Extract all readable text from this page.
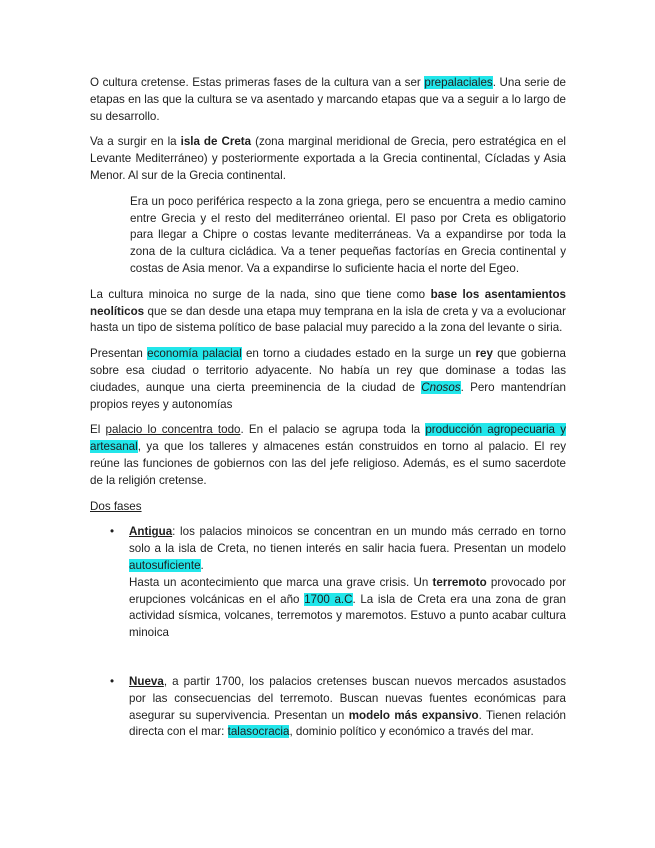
O cultura cretense. Estas primeras fases de la cultura van a ser prepalaciales. Una serie de etapas en las que la cultura se va asentado y marcando etapas que va a seguir a lo largo de su desarrollo.

Va a surgir en la isla de Creta (zona marginal meridional de Grecia, pero estratégica en el Levante Mediterráneo) y posteriormente exportada a la Grecia continental, Cícladas y Asia Menor. Al sur de la Grecia continental.

Era un poco periférica respecto a la zona griega, pero se encuentra a medio camino entre Grecia y el resto del mediterráneo oriental. El paso por Creta es obligatorio para llegar a Chipre o costas levante mediterráneas. Va a expandirse por toda la zona de la cultura cicládica. Va a tener pequeñas factorías en Grecia continental y costas de Asia menor. Va a expandirse lo suficiente hacia el norte del Egeo.

La cultura minoica no surge de la nada, sino que tiene como base los asentamientos neolíticos que se dan desde una etapa muy temprana en la isla de creta y va a evolucionar hasta un tipo de sistema político de base palacial muy parecido a la zona del levante o siria.

Presentan economía palacial en torno a ciudades estado en la surge un rey que gobierna sobre esa ciudad o territorio adyacente. No había un rey que dominase a todas las ciudades, aunque una cierta preeminencia de la ciudad de Cnosos. Pero mantendrían propios reyes y autonomías

El palacio lo concentra todo. En el palacio se agrupa toda la producción agropecuaria y artesanal, ya que los talleres y almacenes están construidos en torno al palacio. El rey reúne las funciones de gobiernos con las del jefe religioso. Además, es el sumo sacerdote de la religión cretense.

Dos fases

• Antigua: los palacios minoicos se concentran en un mundo más cerrado en torno solo a la isla de Creta, no tienen interés en salir hacia fuera. Presentan un modelo autosuficiente.
Hasta un acontecimiento que marca una grave crisis. Un terremoto provocado por erupciones volcánicas en el año 1700 a.C. La isla de Creta era una zona de gran actividad sísmica, volcanes, terremotos y maremotos. Estuvo a punto acabar cultura minoica
• Nueva, a partir 1700, los palacios cretenses buscan nuevos mercados asustados por las consecuencias del terremoto. Buscan nuevas fuentes económicas para asegurar su supervivencia. Presentan un modelo más expansivo. Tienen relación directa con el mar: talasocracia, dominio político y económico a través del mar.
